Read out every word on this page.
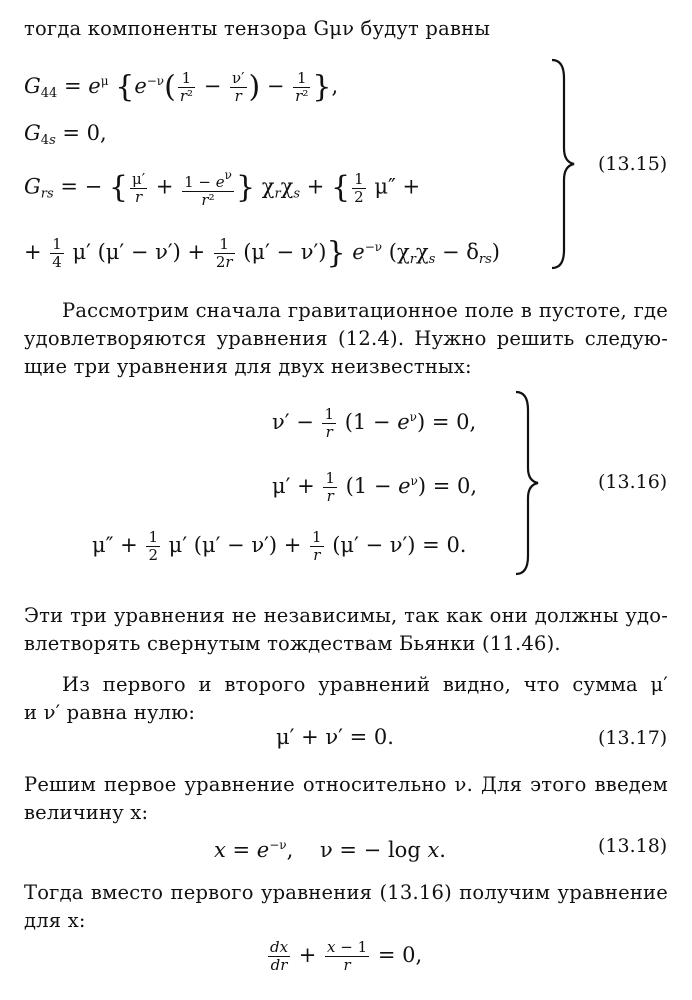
тогда компоненты тензора Gμν будут равны
$G_{44} = e^\mu$ {$e^{-\nu}( \frac{1}{\text{r²}} - \frac{\nu'}{r}$ ) − $\frac{1}{\text{r²}}$ },
$G_{4s} = 0$,
$G_{rs}$ = − { $\frac{\mu'}{r} + \frac{1 - e^\nu}{\text{r²}}$ } $\chi_r\chi_s$ + { $\frac{1}{2} \mu''$ +
+ $\frac{1}{4} \mu'$ $(\mu' - \nu') + \frac{1}{2r} (\mu' - \nu')$} $e^{-\nu}$ $(\chi_r\chi_s - \delta_{rs})$
(13.15)
Рассмотрим сначала гравитационное поле в пустоте, где
удовлетворяются уравнения (12.4). Нужно решить следую-
щие три уравнения для двух неизвестных:
$\nu' - \frac{1}{r} (1 - e^\nu) = 0$,
$\mu' + \frac{1}{r} (1 - e^\nu) = 0$,
$\mu'' + \frac{1}{2} \mu'$ $(\mu' - \nu') + \frac{1}{r} (\mu' - \nu') = 0$.
(13.16)
Эти три уравнения не независимы, так как они должны удо-
влетворять свернутым тождествам Бьянки (11.46).
Из первого и второго уравнений видно, что сумма μ′
и ν′ равна нулю:
μ′ + ν′ = 0.	(13.17)
Решим первое уравнение относительно ν. Для этого введем
величину x:
$x = e^{-\nu}$,    ν = − log x.	(13.18)
Тогда вместо первого уравнения (13.16) получим уравнение
для x:
$\frac{dx}{dr} + \frac{x - 1}{r} = 0$,
